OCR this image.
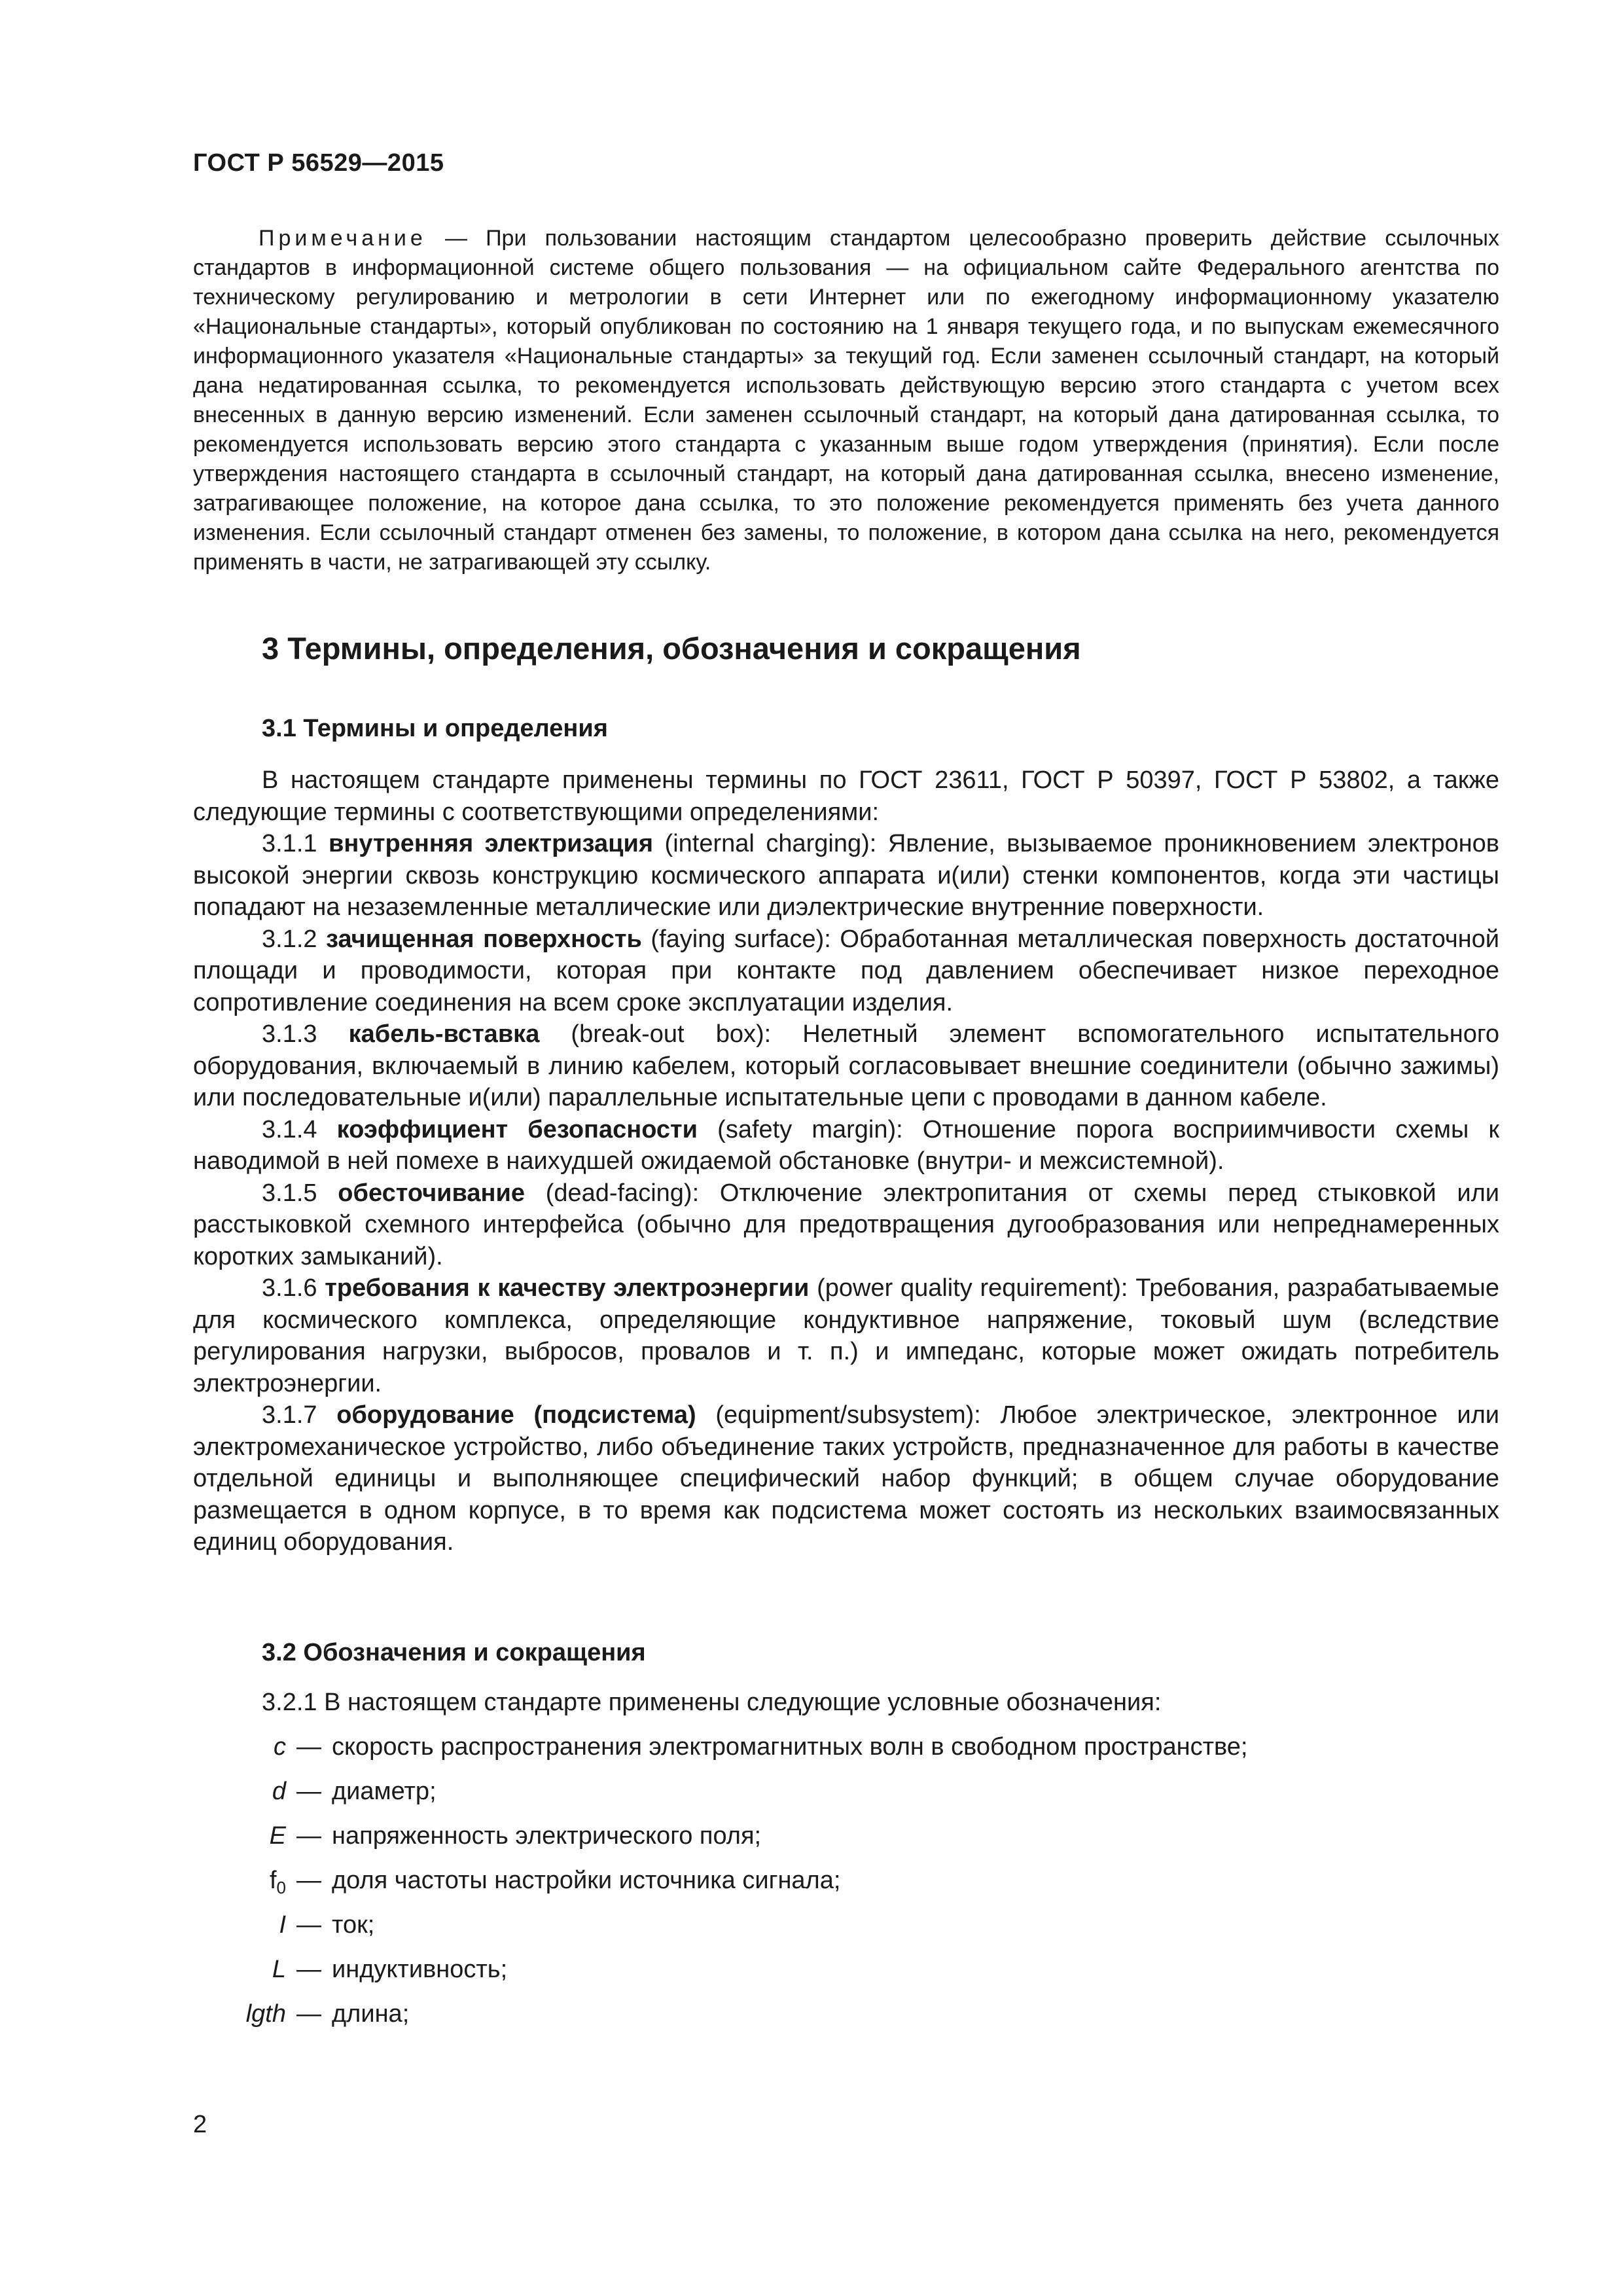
ГОСТ Р 56529—2015

Примечание — При пользовании настоящим стандартом целесообразно проверить действие ссылочных стандартов в информационной системе общего пользования — на официальном сайте Федерального агентства по техническому регулированию и метрологии в сети Интернет или по ежегодному информационному указателю «Национальные стандарты», который опубликован по состоянию на 1 января текущего года, и по выпускам ежемесячного информационного указателя «Национальные стандарты» за текущий год. Если заменен ссылочный стандарт, на который дана недатированная ссылка, то рекомендуется использовать действующую версию этого стандарта с учетом всех внесенных в данную версию изменений. Если заменен ссылочный стандарт, на который дана датированная ссылка, то рекомендуется использовать версию этого стандарта с указанным выше годом утверждения (принятия). Если после утверждения настоящего стандарта в ссылочный стандарт, на который дана датированная ссылка, внесено изменение, затрагивающее положение, на которое дана ссылка, то это положение рекомендуется применять без учета данного изменения. Если ссылочный стандарт отменен без замены, то положение, в котором дана ссылка на него, рекомендуется применять в части, не затрагивающей эту ссылку.

3 Термины, определения, обозначения и сокращения
3.1 Термины и определения

В настоящем стандарте применены термины по ГОСТ 23611, ГОСТ Р 50397, ГОСТ Р 53802, а также следующие термины с соответствующими определениями:

3.1.1 внутренняя электризация (internal charging): Явление, вызываемое проникновением электронов высокой энергии сквозь конструкцию космического аппарата и(или) стенки компонентов, когда эти частицы попадают на незаземленные металлические или диэлектрические внутренние поверхности.

3.1.2 зачищенная поверхность (faying surface): Обработанная металлическая поверхность достаточной площади и проводимости, которая при контакте под давлением обеспечивает низкое переходное сопротивление соединения на всем сроке эксплуатации изделия.

3.1.3 кабель-вставка (break-out box): Нелетный элемент вспомогательного испытательного оборудования, включаемый в линию кабелем, который согласовывает внешние соединители (обычно зажимы) или последовательные и(или) параллельные испытательные цепи с проводами в данном кабеле.

3.1.4 коэффициент безопасности (safety margin): Отношение порога восприимчивости схемы к наводимой в ней помехе в наихудшей ожидаемой обстановке (внутри- и межсистемной).

3.1.5 обесточивание (dead-facing): Отключение электропитания от схемы перед стыковкой или расстыковкой схемного интерфейса (обычно для предотвращения дугообразования или непреднамеренных коротких замыканий).

3.1.6 требования к качеству электроэнергии (power quality requirement): Требования, разрабатываемые для космического комплекса, определяющие кондуктивное напряжение, токовый шум (вследствие регулирования нагрузки, выбросов, провалов и т. п.) и импеданс, которые может ожидать потребитель электроэнергии.

3.1.7 оборудование (подсистема) (equipment/subsystem): Любое электрическое, электронное или электромеханическое устройство, либо объединение таких устройств, предназначенное для работы в качестве отдельной единицы и выполняющее специфический набор функций; в общем случае оборудование размещается в одном корпусе, в то время как подсистема может состоять из нескольких взаимосвязанных единиц оборудования.

3.2 Обозначения и сокращения

3.2.1 В настоящем стандарте применены следующие условные обозначения:

c — скорость распространения электромагнитных волн в свободном пространстве;
d — диаметр;
E — напряженность электрического поля;
$f_0$ — доля частоты настройки источника сигнала;
I — ток;
L — индуктивность;
lgth — длина;
2
